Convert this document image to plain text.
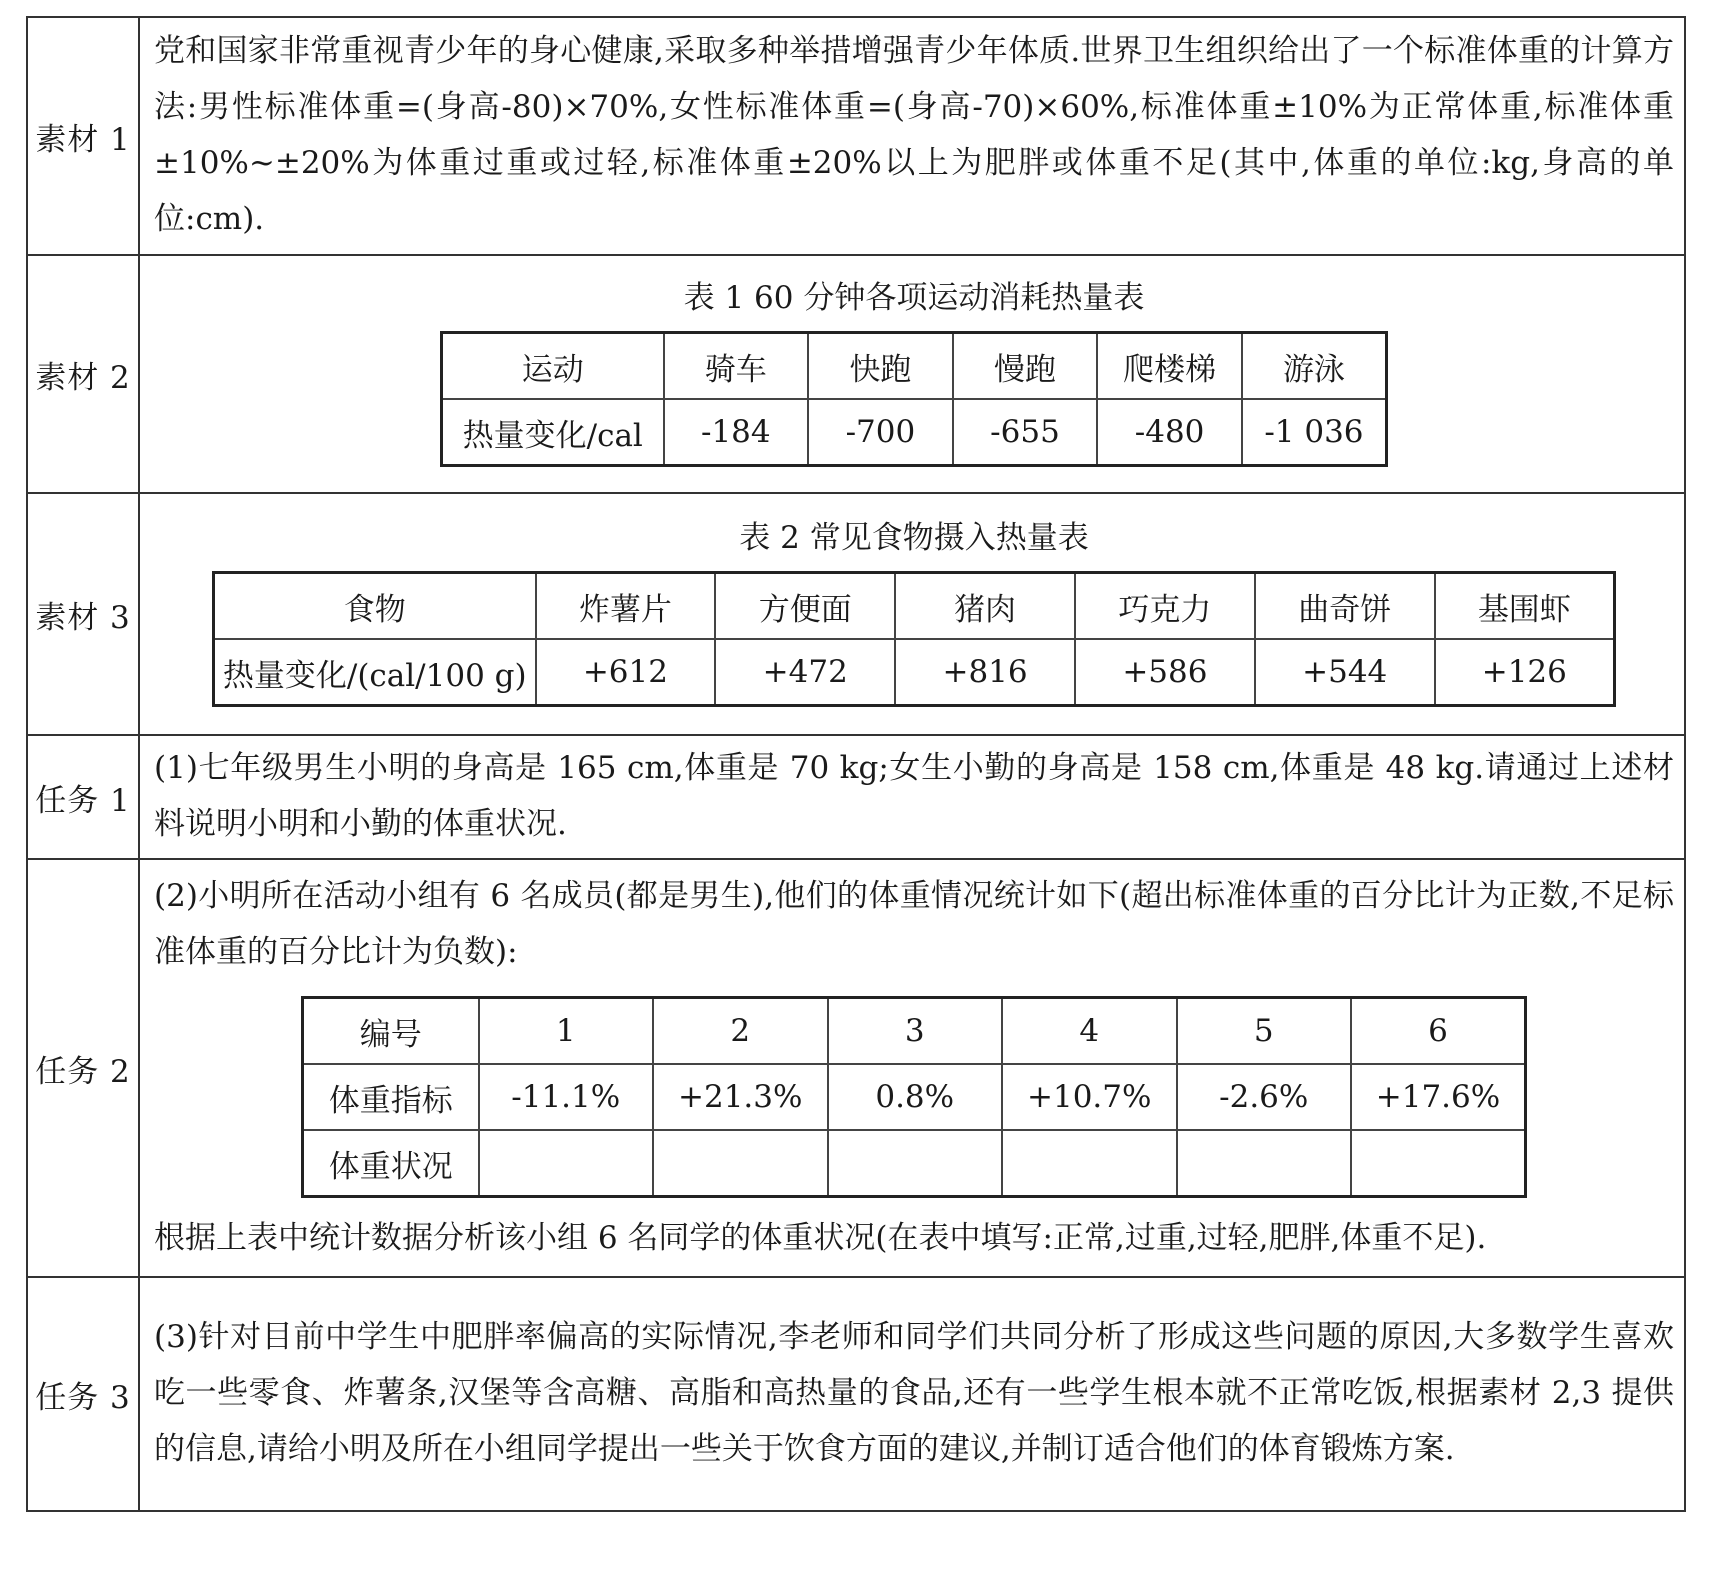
素材 1	

党和国家非常重视青少年的身心健康,采取多种举措增强青少年体质.世界卫生组织给出了一个标准体重的计算方法:男性标准体重=(身高-80)×70%,女性标准体重=(身高-70)×60%,标准体重±10%为正常体重,标准体重±10%~±20%为体重过重或过轻,标准体重±20%以上为肥胖或体重不足(其中,体重的单位:kg,身高的单位:cm).

素材 2	
表 1 60 分钟各项运动消耗热量表
运动	骑车	快跑	慢跑	爬楼梯	游泳
热量变化/cal	-184	-700	-655	-480	-1 036

素材 3	
表 2 常见食物摄入热量表
食物	炸薯片	方便面	猪肉	巧克力	曲奇饼	基围虾
热量变化/(cal/100 g)	+612	+472	+816	+586	+544	+126

任务 1	

(1)七年级男生小明的身高是 165 cm,体重是 70 kg;女生小勤的身高是 158 cm,体重是 48 kg.请通过上述材料说明小明和小勤的体重状况.

任务 2	

(2)小明所在活动小组有 6 名成员(都是男生),他们的体重情况统计如下(超出标准体重的百分比计为正数,不足标准体重的百分比计为负数):

编号	1	2	3	4	5	6
体重指标	-11.1%	+21.3%	0.8%	+10.7%	-2.6%	+17.6%
体重状况						

根据上表中统计数据分析该小组 6 名同学的体重状况(在表中填写:正常,过重,过轻,肥胖,体重不足).

任务 3	

(3)针对目前中学生中肥胖率偏高的实际情况,李老师和同学们共同分析了形成这些问题的原因,大多数学生喜欢吃一些零食、炸薯条,汉堡等含高糖、高脂和高热量的食品,还有一些学生根本就不正常吃饭,根据素材 2,3 提供的信息,请给小明及所在小组同学提出一些关于饮食方面的建议,并制订适合他们的体育锻炼方案.
